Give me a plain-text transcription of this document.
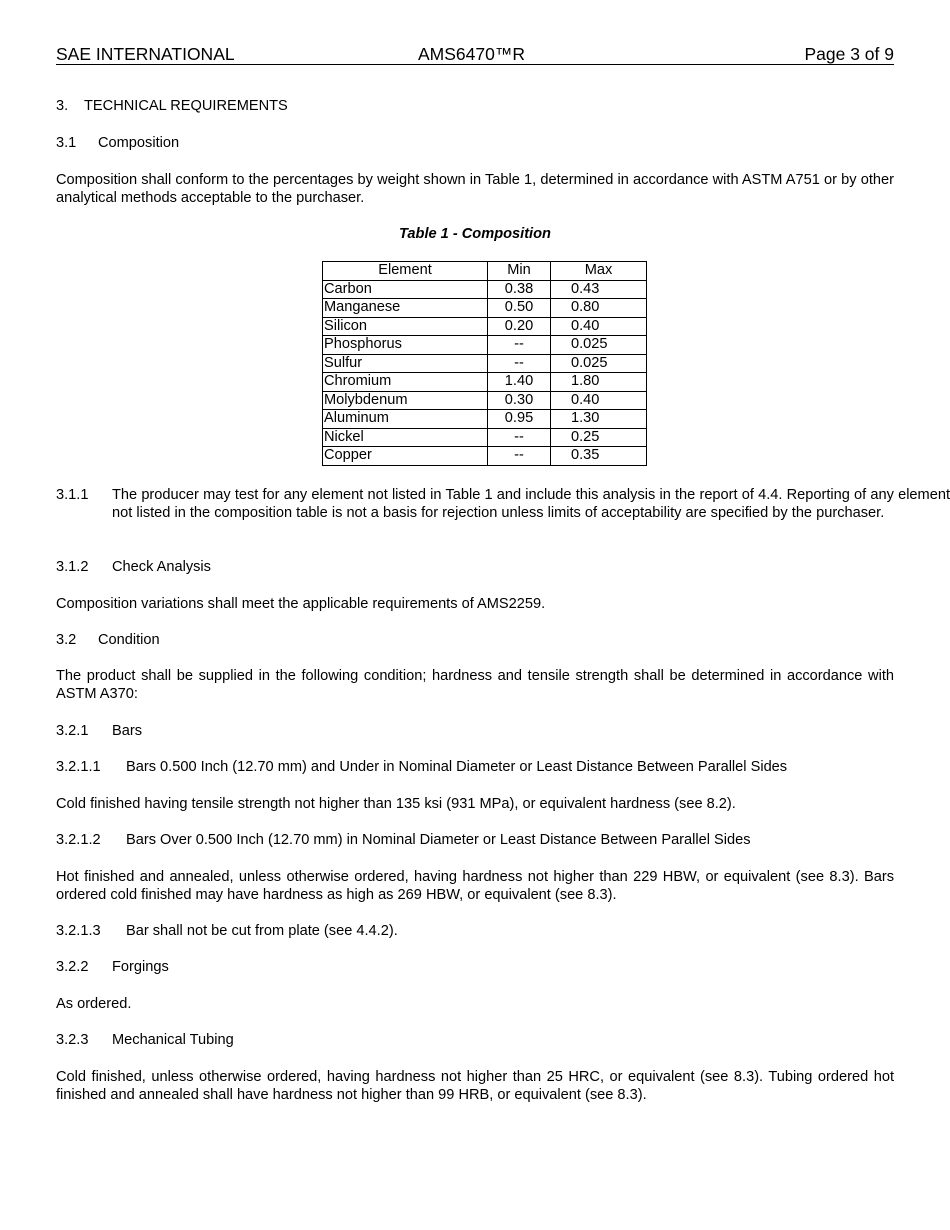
SAE INTERNATIONAL	AMS6470™R	Page 3 of 9
3. TECHNICAL REQUIREMENTS
3.1 Composition
Composition shall conform to the percentages by weight shown in Table 1, determined in accordance with ASTM A751 or by other analytical methods acceptable to the purchaser.
Table 1 - Composition
Element	Min	Max
Carbon	0.38	0.43
Manganese	0.50	0.80
Silicon	0.20	0.40
Phosphorus	--	0.025
Sulfur	--	0.025
Chromium	1.40	1.80
Molybdenum	0.30	0.40
Aluminum	0.95	1.30
Nickel	--	0.25
Copper	--	0.35
3.1.1 The producer may test for any element not listed in Table 1 and include this analysis in the report of 4.4. Reporting of any element not listed in the composition table is not a basis for rejection unless limits of acceptability are specified by the purchaser.
3.1.2 Check Analysis
Composition variations shall meet the applicable requirements of AMS2259.
3.2 Condition
The product shall be supplied in the following condition; hardness and tensile strength shall be determined in accordance with ASTM A370:
3.2.1 Bars
3.2.1.1 Bars 0.500 Inch (12.70 mm) and Under in Nominal Diameter or Least Distance Between Parallel Sides
Cold finished having tensile strength not higher than 135 ksi (931 MPa), or equivalent hardness (see 8.2).
3.2.1.2 Bars Over 0.500 Inch (12.70 mm) in Nominal Diameter or Least Distance Between Parallel Sides
Hot finished and annealed, unless otherwise ordered, having hardness not higher than 229 HBW, or equivalent (see 8.3). Bars ordered cold finished may have hardness as high as 269 HBW, or equivalent (see 8.3).
3.2.1.3 Bar shall not be cut from plate (see 4.4.2).
3.2.2 Forgings
As ordered.
3.2.3 Mechanical Tubing
Cold finished, unless otherwise ordered, having hardness not higher than 25 HRC, or equivalent (see 8.3). Tubing ordered hot finished and annealed shall have hardness not higher than 99 HRB, or equivalent (see 8.3).
